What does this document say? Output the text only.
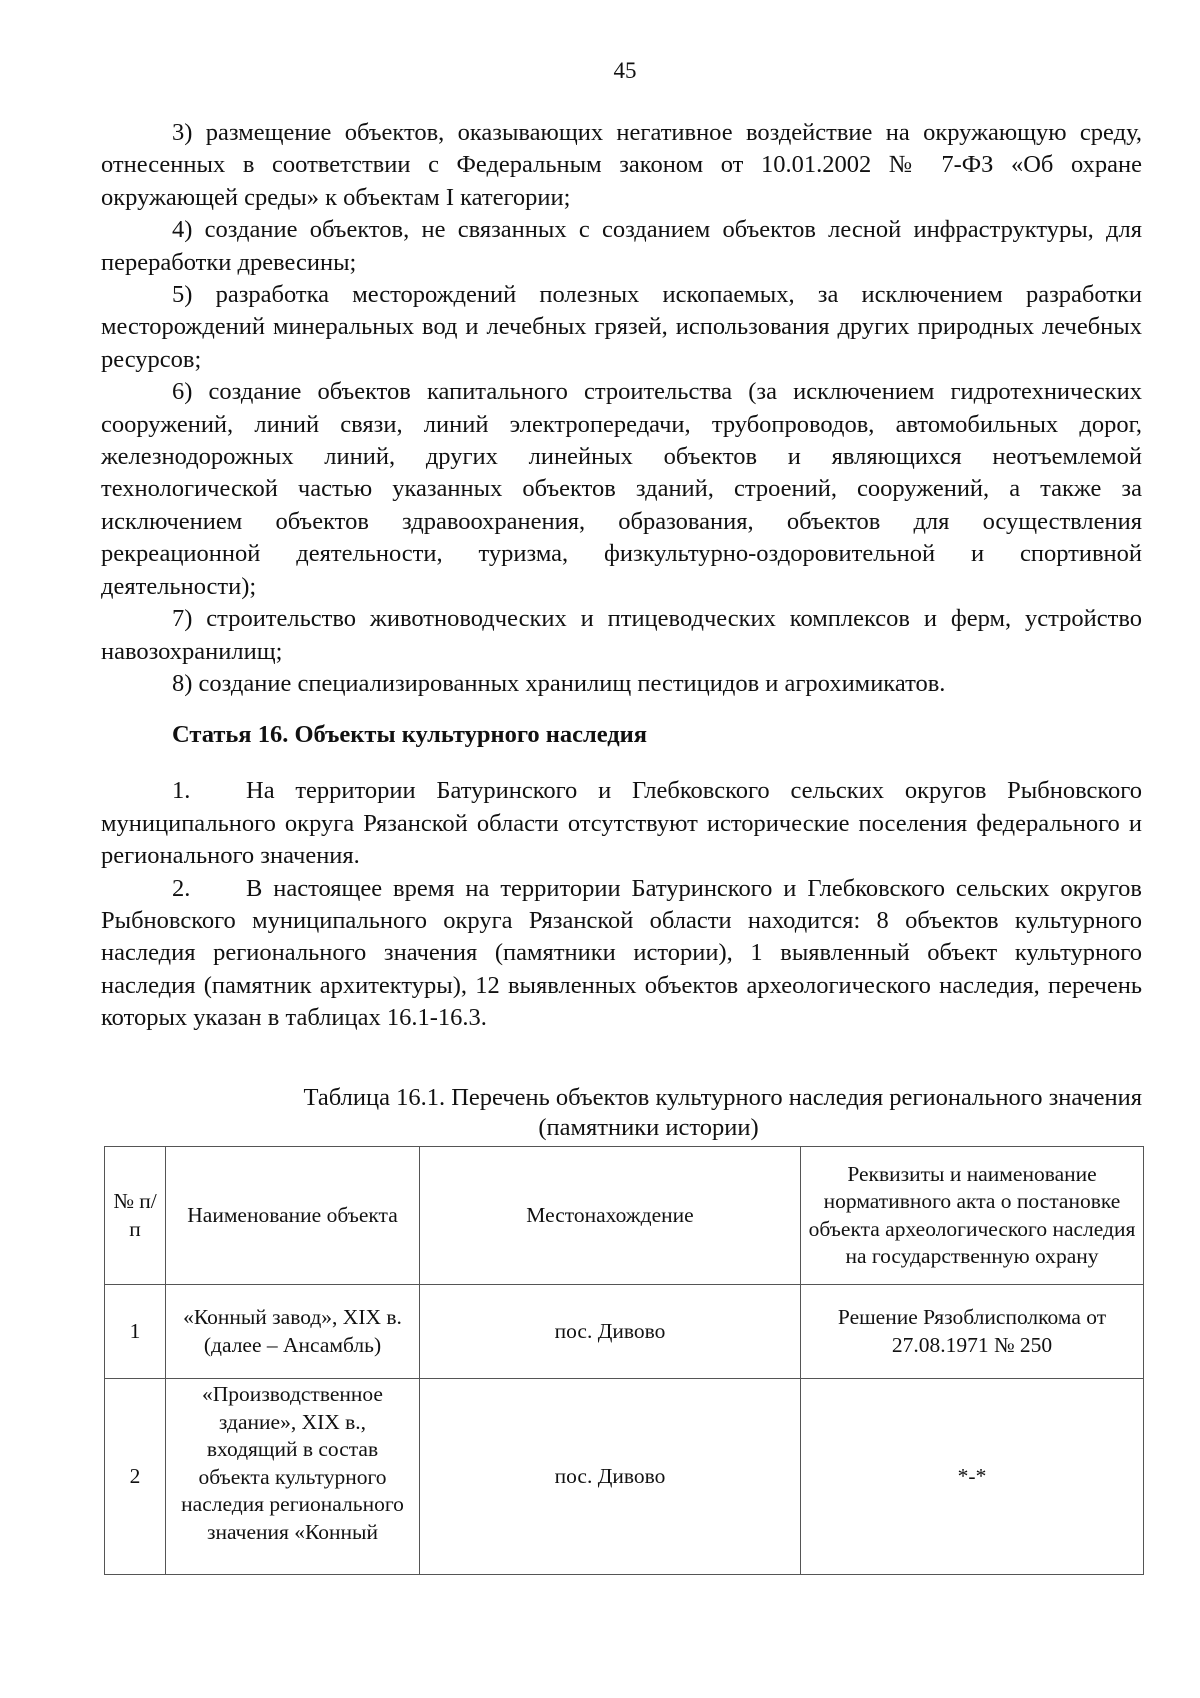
45

3) размещение объектов, оказывающих негативное воздействие на окружающую среду, отнесенных в соответствии с Федеральным законом от 10.01.2002 № 7-ФЗ «Об охране окружающей среды» к объектам I категории;

4) создание объектов, не связанных с созданием объектов лесной инфраструктуры, для переработки древесины;

5) разработка месторождений полезных ископаемых, за исключением разработки месторождений минеральных вод и лечебных грязей, использования других природных лечебных ресурсов;

6) создание объектов капитального строительства (за исключением гидротехнических сооружений, линий связи, линий электропередачи, трубопроводов, автомобильных дорог, железнодорожных линий, других линейных объектов и являющихся неотъемлемой технологической частью указанных объектов зданий, строений, сооружений, а также за исключением объектов здравоохранения, образования, объектов для осуществления рекреационной деятельности, туризма, физкультурно-оздоровительной и спортивной деятельности);

7) строительство животноводческих и птицеводческих комплексов и ферм, устройство навозохранилищ;

8) создание специализированных хранилищ пестицидов и агрохимикатов.

Статья 16. Объекты культурного наследия

1. На территории Батуринского и Глебковского сельских округов Рыбновского муниципального округа Рязанской области отсутствуют исторические поселения федерального и регионального значения.

2. В настоящее время на территории Батуринского и Глебковского сельских округов Рыбновского муниципального округа Рязанской области находится: 8 объектов культурного наследия регионального значения (памятники истории), 1 выявленный объект культурного наследия (памятник архитектуры), 12 выявленных объектов археологического наследия, перечень которых указан в таблицах 16.1-16.3.

Таблица 16.1. Перечень объектов культурного наследия регионального значения
(памятники истории)
№ п/п	Наименование объекта	Местонахождение	Реквизиты и наименование нормативного акта о постановке объекта археологического наследия на государственную охрану
1	«Конный завод», XIX в. (далее – Ансамбль)	пос. Дивово	Решение Рязоблисполкома от 27.08.1971 № 250
2	«Производственное здание», XIX в., входящий в состав объекта культурного наследия регионального значения «Конный	пос. Дивово	*-*
